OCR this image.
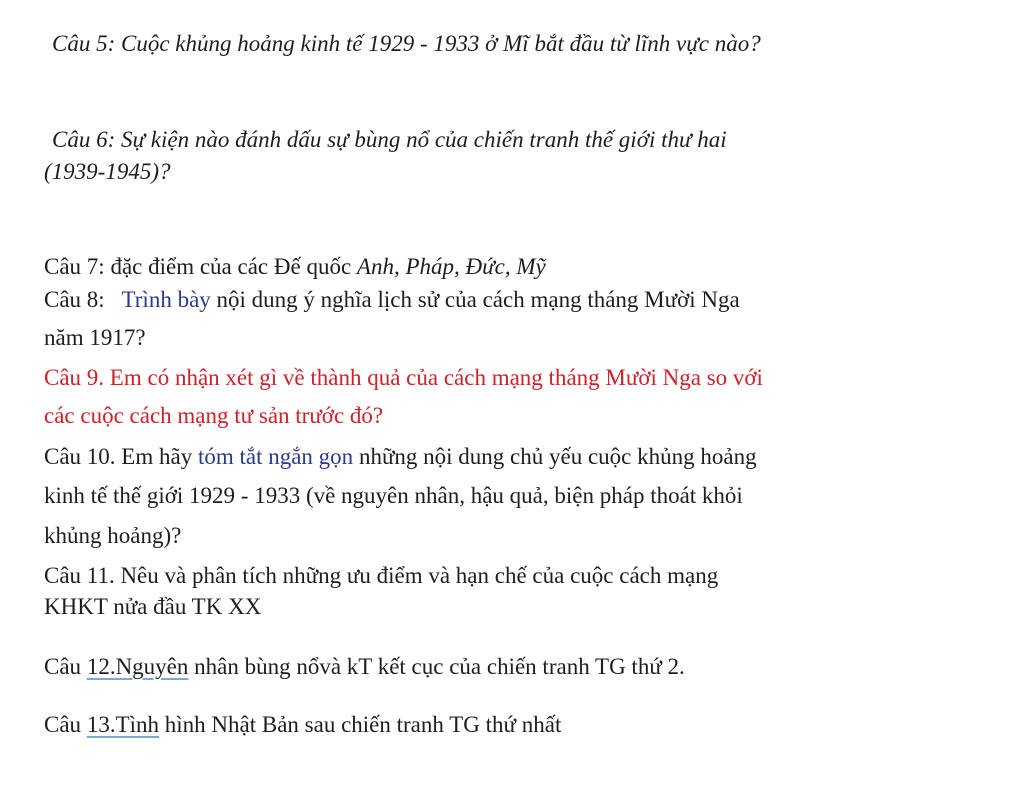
Câu 5: Cuộc khủng hoảng kinh tế 1929 - 1933 ở Mĩ bắt đầu từ lĩnh vực nào?
Câu 6: Sự kiện nào đánh dấu sự bùng nổ của chiến tranh thế giới thư hai
(1939-1945)?
Câu 7: đặc điểm của các Đế quốc Anh, Pháp, Đức, Mỹ
Câu 8:   Trình bày nội dung ý nghĩa lịch sử của cách mạng tháng Mười Nga
năm 1917?
Câu 9. Em có nhận xét gì về thành quả của cách mạng tháng Mười Nga so với
các cuộc cách mạng tư sản trước đó?
Câu 10. Em hãy tóm tắt ngắn gọn những nội dung chủ yếu cuộc khủng hoảng
kinh tế thế giới 1929 - 1933 (về nguyên nhân, hậu quả, biện pháp thoát khỏi
khủng hoảng)?
Câu 11. Nêu và phân tích những ưu điểm và hạn chế của cuộc cách mạng
KHKT nửa đầu TK XX
Câu 12.Nguyên nhân bùng nổvà kT kết cục của chiến tranh TG thứ 2.
Câu 13.Tình hình Nhật Bản sau chiến tranh TG thứ nhất
